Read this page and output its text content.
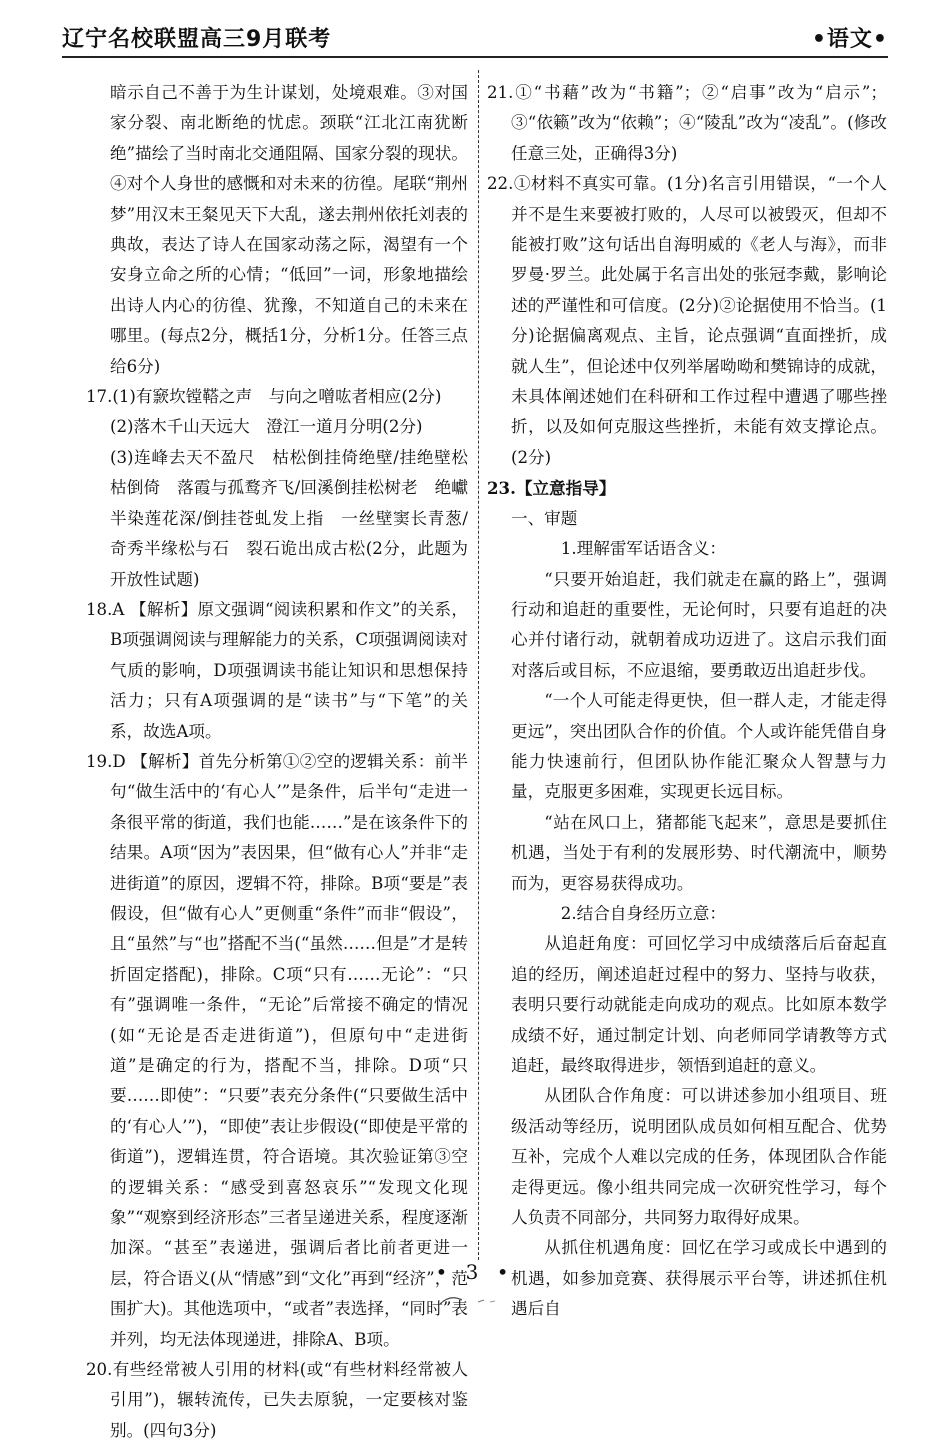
辽宁名校联盟高三9月联考	•语文•

暗示自己不善于为生计谋划，处境艰难。③对国家分裂、南北断绝的忧虑。颈联“江北江南犹断绝”描绘了当时南北交通阻隔、国家分裂的现状。④对个人身世的感慨和对未来的彷徨。尾联“荆州梦”用汉末王粲见天下大乱，遂去荆州依托刘表的典故，表达了诗人在国家动荡之际，渴望有一个安身立命之所的心情；“低回”一词，形象地描绘出诗人内心的彷徨、犹豫，不知道自己的未来在哪里。(每点2分，概括1分，分析1分。任答三点给6分)

17.(1)有窾坎镗鞳之声　与向之噌吰者相应(2分)

(2)落木千山天远大　澄江一道月分明(2分)

(3)连峰去天不盈尺　枯松倒挂倚绝壁/挂绝壁松枯倒倚　落霞与孤鹜齐飞/回溪倒挂松树老　绝巘半染莲花深/倒挂苍虬发上指　一丝壁窦长青葱/奇秀半缘松与石　裂石诡出成古松(2分，此题为开放性试题)

18.A 【解析】原文强调“阅读积累和作文”的关系，B项强调阅读与理解能力的关系，C项强调阅读对气质的影响，D项强调读书能让知识和思想保持活力；只有A项强调的是“读书”与“下笔”的关系，故选A项。

19.D 【解析】首先分析第①②空的逻辑关系：前半句“做生活中的‘有心人’”是条件，后半句“走进一条很平常的街道，我们也能……”是在该条件下的结果。A项“因为”表因果，但“做有心人”并非“走进街道”的原因，逻辑不符，排除。B项“要是”表假设，但“做有心人”更侧重“条件”而非“假设”，且“虽然”与“也”搭配不当(“虽然……但是”才是转折固定搭配)，排除。C项“只有……无论”：“只有”强调唯一条件，“无论”后常接不确定的情况(如“无论是否走进街道”)，但原句中“走进街道”是确定的行为，搭配不当，排除。D项“只要……即使”：“只要”表充分条件(“只要做生活中的‘有心人’”)，“即使”表让步假设(“即使是平常的街道”)，逻辑连贯，符合语境。其次验证第③空的逻辑关系：“感受到喜怒哀乐”“发现文化现象”“观察到经济形态”三者呈递进关系，程度逐渐加深。“甚至”表递进，强调后者比前者更进一层，符合语义(从“情感”到“文化”再到“经济”，范围扩大)。其他选项中，“或者”表选择，“同时”表并列，均无法体现递进，排除A、B项。

20.有些经常被人引用的材料(或“有些材料经常被人引用”)，辗转流传，已失去原貌，一定要核对鉴别。(四句3分)

21.①“书藉”改为“书籍”；②“启事”改为“启示”；③“依籁”改为“依赖”；④“陵乱”改为“凌乱”。(修改任意三处，正确得3分)

22.①材料不真实可靠。(1分)名言引用错误，“一个人并不是生来要被打败的，人尽可以被毁灭，但却不能被打败”这句话出自海明威的《老人与海》，而非罗曼·罗兰。此处属于名言出处的张冠李戴，影响论述的严谨性和可信度。(2分)②论据使用不恰当。(1分)论据偏离观点、主旨，论点强调“直面挫折，成就人生”，但论述中仅列举屠呦呦和樊锦诗的成就，未具体阐述她们在科研和工作过程中遭遇了哪些挫折，以及如何克服这些挫折，未能有效支撑论点。(2分)

23.【立意指导】

一、审题

1.理解雷军话语含义：

“只要开始追赶，我们就走在赢的路上”，强调行动和追赶的重要性，无论何时，只要有追赶的决心并付诸行动，就朝着成功迈进了。这启示我们面对落后或目标，不应退缩，要勇敢迈出追赶步伐。

“一个人可能走得更快，但一群人走，才能走得更远”，突出团队合作的价值。个人或许能凭借自身能力快速前行，但团队协作能汇聚众人智慧与力量，克服更多困难，实现更长远目标。

“站在风口上，猪都能飞起来”，意思是要抓住机遇，当处于有利的发展形势、时代潮流中，顺势而为，更容易获得成功。

2.结合自身经历立意：

从追赶角度：可回忆学习中成绩落后后奋起直追的经历，阐述追赶过程中的努力、坚持与收获，表明只要行动就能走向成功的观点。比如原本数学成绩不好，通过制定计划、向老师同学请教等方式追赶，最终取得进步，领悟到追赶的意义。

从团队合作角度：可以讲述参加小组项目、班级活动等经历，说明团队成员如何相互配合、优势互补，完成个人难以完成的任务，体现团队合作能走得更远。像小组共同完成一次研究性学习，每个人负责不同部分，共同努力取得好成果。

从抓住机遇角度：回忆在学习或成长中遇到的机遇，如参加竞赛、获得展示平台等，讲述抓住机遇后自

• 3 •
